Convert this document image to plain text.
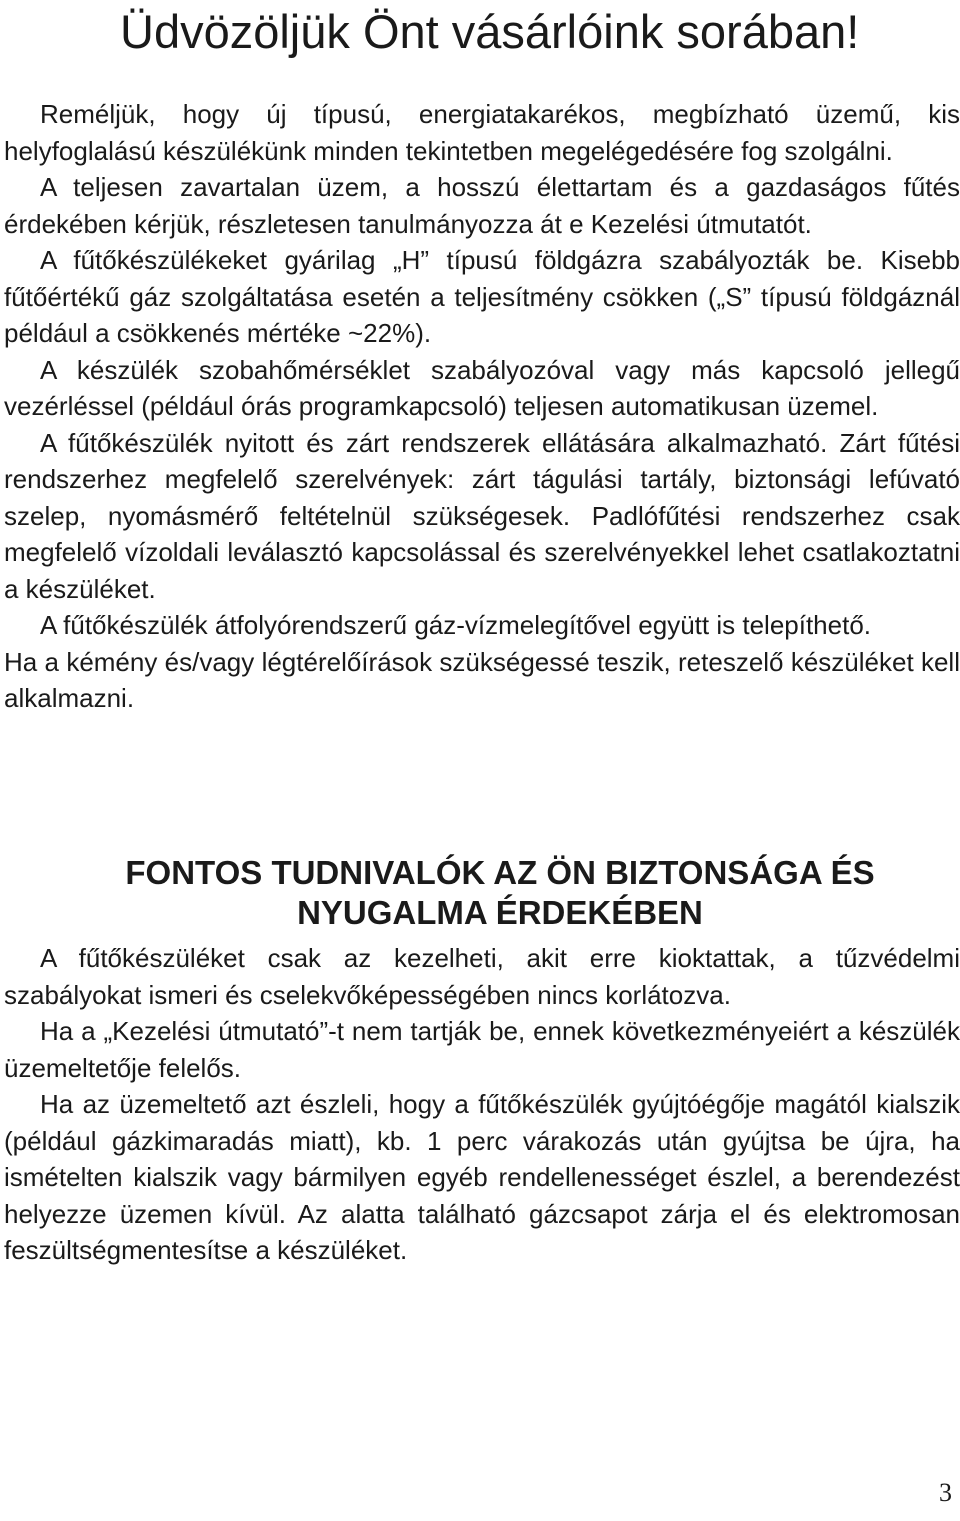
Üdvözöljük Önt vásárlóink sorában!

Reméljük, hogy új típusú, energiatakarékos, megbízható üzemű, kis helyfoglalású készülékünk minden tekintetben megelégedésére fog szolgálni.

A teljesen zavartalan üzem, a hosszú élettartam és a gazdaságos fűtés érdekében kérjük, részletesen tanulmányozza át e Kezelési útmutatót.

A fűtőkészülékeket gyárilag „H” típusú földgázra szabályozták be. Kisebb fűtőértékű gáz szolgáltatása esetén a teljesítmény csökken („S” típusú földgáznál például a csökkenés mértéke ~22%).

A készülék szobahőmérséklet szabályozóval vagy más kapcsoló jellegű vezérléssel (például órás programkapcsoló) teljesen automatikusan üzemel.

A fűtőkészülék nyitott és zárt rendszerek ellátására alkalmazható. Zárt fűtési rendszerhez megfelelő szerelvények: zárt tágulási tartály, biztonsági lefúvató szelep, nyomásmérő feltételnül szükségesek. Padlófűtési rendszerhez csak megfelelő vízoldali leválasztó kapcsolással és szerelvényekkel lehet csatlakoztatni a készüléket.

A fűtőkészülék átfolyórendszerű gáz-vízmelegítővel együtt is telepíthető.

Ha a kémény és/vagy légtérelőírások szükségessé teszik, reteszelő készüléket kell alkalmazni.

FONTOS TUDNIVALÓK AZ ÖN BIZTONSÁGA ÉS
NYUGALMA ÉRDEKÉBEN

A fűtőkészüléket csak az kezelheti, akit erre kioktattak, a tűzvédelmi szabályokat ismeri és cselekvőképességében nincs korlátozva.

Ha a „Kezelési útmutató”-t nem tartják be, ennek következményeiért a készülék üzemeltetője felelős.

Ha az üzemeltető azt észleli, hogy a fűtőkészülék gyújtóégője magától kialszik (például gázkimaradás miatt), kb. 1 perc várakozás után gyújtsa be újra, ha ismételten kialszik vagy bármilyen egyéb rendellenességet észlel, a berendezést helyezze üzemen kívül. Az alatta található gázcsapot zárja el és elektromosan feszültségmentesítse a készüléket.

3
